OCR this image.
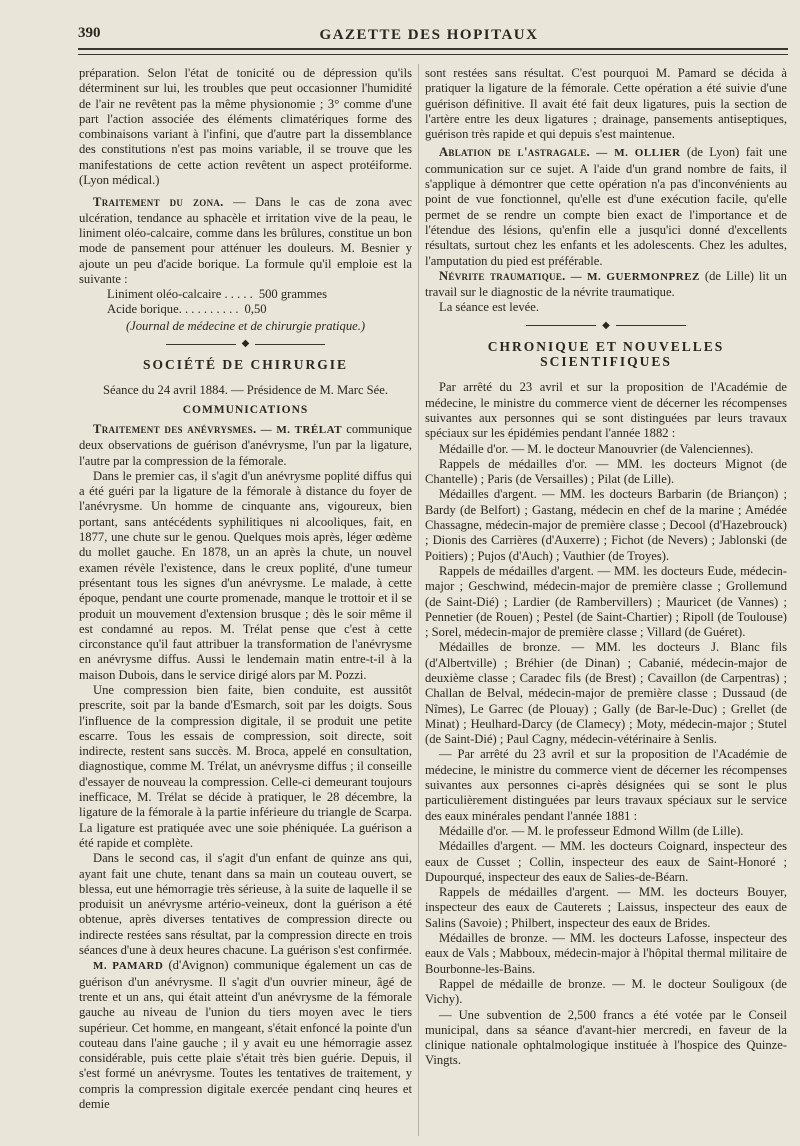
390	GAZETTE DES HOPITAUX

préparation. Selon l'état de tonicité ou de dépression qu'ils déterminent sur lui, les troubles que peut occasionner l'humidité de l'air ne revêtent pas la même physionomie ; 3° comme d'une part l'action associée des éléments climatériques forme des combinaisons variant à l'infini, que d'autre part la dissemblance des constitutions n'est pas moins variable, il se trouve que les manifestations de cette action revêtent un aspect protéiforme. (Lyon médical.)

Traitement du zona. — Dans le cas de zona avec ulcération, tendance au sphacèle et irritation vive de la peau, le liniment oléo-calcaire, comme dans les brûlures, constitue un bon mode de pansement pour atténuer les douleurs. M. Besnier y ajoute un peu d'acide borique. La formule qu'il emploie est la suivante :

Liniment oléo-calcaire . . . . . 500 grammes
Acide borique. . . . . . . . . . 0,50
(Journal de médecine et de chirurgie pratique.)
◆
SOCIÉTÉ DE CHIRURGIE

Séance du 24 avril 1884. — Présidence de M. Marc Sée.

COMMUNICATIONS

Traitement des anévrysmes. — M. TRÉLAT communique deux observations de guérison d'anévrysme, l'un par la ligature, l'autre par la compression de la fémorale.

Dans le premier cas, il s'agit d'un anévrysme poplité diffus qui a été guéri par la ligature de la fémorale à distance du foyer de l'anévrysme. Un homme de cinquante ans, vigoureux, bien portant, sans antécédents syphilitiques ni alcooliques, fait, en 1877, une chute sur le genou. Quelques mois après, léger œdème du mollet gauche. En 1878, un an après la chute, un nouvel examen révèle l'existence, dans le creux poplité, d'une tumeur présentant tous les signes d'un anévrysme. Le malade, à cette époque, pendant une courte promenade, manque le trottoir et il se produit un mouvement d'extension brusque ; dès le soir même il est condamné au repos. M. Trélat pense que c'est à cette circonstance qu'il faut attribuer la transformation de l'anévrysme en anévrysme diffus. Aussi le lendemain matin entre-t-il à la maison Dubois, dans le service dirigé alors par M. Pozzi.

Une compression bien faite, bien conduite, est aussitôt prescrite, soit par la bande d'Esmarch, soit par les doigts. Sous l'influence de la compression digitale, il se produit une petite escarre. Tous les essais de compression, soit directe, soit indirecte, restent sans succès. M. Broca, appelé en consultation, diagnostique, comme M. Trélat, un anévrysme diffus ; il conseille d'essayer de nouveau la compression. Celle-ci demeurant toujours inefficace, M. Trélat se décide à pratiquer, le 28 décembre, la ligature de la fémorale à la partie inférieure du triangle de Scarpa. La ligature est pratiquée avec une soie phéniquée. La guérison a été rapide et complète.

Dans le second cas, il s'agit d'un enfant de quinze ans qui, ayant fait une chute, tenant dans sa main un couteau ouvert, se blessa, eut une hémorragie très sérieuse, à la suite de laquelle il se produisit un anévrysme artério-veineux, dont la guérison a été obtenue, après diverses tentatives de compression directe ou indirecte restées sans résultat, par la compression directe en trois séances d'une à deux heures chacune. La guérison s'est confirmée.

M. PAMARD (d'Avignon) communique également un cas de guérison d'un anévrysme. Il s'agit d'un ouvrier mineur, âgé de trente et un ans, qui était atteint d'un anévrysme de la fémorale gauche au niveau de l'union du tiers moyen avec le tiers supérieur. Cet homme, en mangeant, s'était enfoncé la pointe d'un couteau dans l'aine gauche ; il y avait eu une hémorragie assez considérable, puis cette plaie s'était très bien guérie. Depuis, il s'est formé un anévrysme. Toutes les tentatives de traitement, y compris la compression digitale exercée pendant cinq heures et demie

sont restées sans résultat. C'est pourquoi M. Pamard se décida à pratiquer la ligature de la fémorale. Cette opération a été suivie d'une guérison définitive. Il avait été fait deux ligatures, puis la section de l'artère entre les deux ligatures ; drainage, pansements antiseptiques, guérison très rapide et qui depuis s'est maintenue.

Ablation de l'astragale. — M. OLLIER (de Lyon) fait une communication sur ce sujet. A l'aide d'un grand nombre de faits, il s'applique à démontrer que cette opération n'a pas d'inconvénients au point de vue fonctionnel, qu'elle est d'une exécution facile, qu'elle permet de se rendre un compte bien exact de l'importance et de l'étendue des lésions, qu'enfin elle a jusqu'ici donné d'excellents résultats, surtout chez les enfants et les adolescents. Chez les adultes, l'amputation du pied est préférable.

Névrite traumatique. — M. GUERMONPREZ (de Lille) lit un travail sur le diagnostic de la névrite traumatique.

La séance est levée.

◆
CHRONIQUE ET NOUVELLES SCIENTIFIQUES

Par arrêté du 23 avril et sur la proposition de l'Académie de médecine, le ministre du commerce vient de décerner les récompenses suivantes aux personnes qui se sont distinguées par leurs travaux spéciaux sur les épidémies pendant l'année 1882 :

Médaille d'or. — M. le docteur Manouvrier (de Valenciennes).

Rappels de médailles d'or. — MM. les docteurs Mignot (de Chantelle) ; Paris (de Versailles) ; Pilat (de Lille).

Médailles d'argent. — MM. les docteurs Barbarin (de Briançon) ; Bardy (de Belfort) ; Gastang, médecin en chef de la marine ; Amédée Chassagne, médecin-major de première classe ; Decool (d'Hazebrouck) ; Dionis des Carrières (d'Auxerre) ; Fichot (de Nevers) ; Jablonski (de Poitiers) ; Pujos (d'Auch) ; Vauthier (de Troyes).

Rappels de médailles d'argent. — MM. les docteurs Eude, médecin-major ; Geschwind, médecin-major de première classe ; Grollemund (de Saint-Dié) ; Lardier (de Rambervillers) ; Mauricet (de Vannes) ; Pennetier (de Rouen) ; Pestel (de Saint-Chartier) ; Ripoll (de Toulouse) ; Sorel, médecin-major de première classe ; Villard (de Guéret).

Médailles de bronze. — MM. les docteurs J. Blanc fils (d'Albertville) ; Bréhier (de Dinan) ; Cabanié, médecin-major de deuxième classe ; Caradec fils (de Brest) ; Cavaillon (de Carpentras) ; Challan de Belval, médecin-major de première classe ; Dussaud (de Nîmes), Le Garrec (de Plouay) ; Gally (de Bar-le-Duc) ; Grellet (de Minat) ; Heulhard-Darcy (de Clamecy) ; Moty, médecin-major ; Stutel (de Saint-Dié) ; Paul Cagny, médecin-vétérinaire à Senlis.

— Par arrêté du 23 avril et sur la proposition de l'Académie de médecine, le ministre du commerce vient de décerner les récompenses suivantes aux personnes ci-après désignées qui se sont le plus particulièrement distinguées par leurs travaux spéciaux sur le service des eaux minérales pendant l'année 1881 :

Médaille d'or. — M. le professeur Edmond Willm (de Lille).

Médailles d'argent. — MM. les docteurs Coignard, inspecteur des eaux de Cusset ; Collin, inspecteur des eaux de Saint-Honoré ; Dupourqué, inspecteur des eaux de Salies-de-Béarn.

Rappels de médailles d'argent. — MM. les docteurs Bouyer, inspecteur des eaux de Cauterets ; Laissus, inspecteur des eaux de Salins (Savoie) ; Philbert, inspecteur des eaux de Brides.

Médailles de bronze. — MM. les docteurs Lafosse, inspecteur des eaux de Vals ; Mabboux, médecin-major à l'hôpital thermal militaire de Bourbonne-les-Bains.

Rappel de médaille de bronze. — M. le docteur Souligoux (de Vichy).

— Une subvention de 2,500 francs a été votée par le Conseil municipal, dans sa séance d'avant-hier mercredi, en faveur de la clinique nationale ophtalmologique instituée à l'hospice des Quinze-Vingts.
